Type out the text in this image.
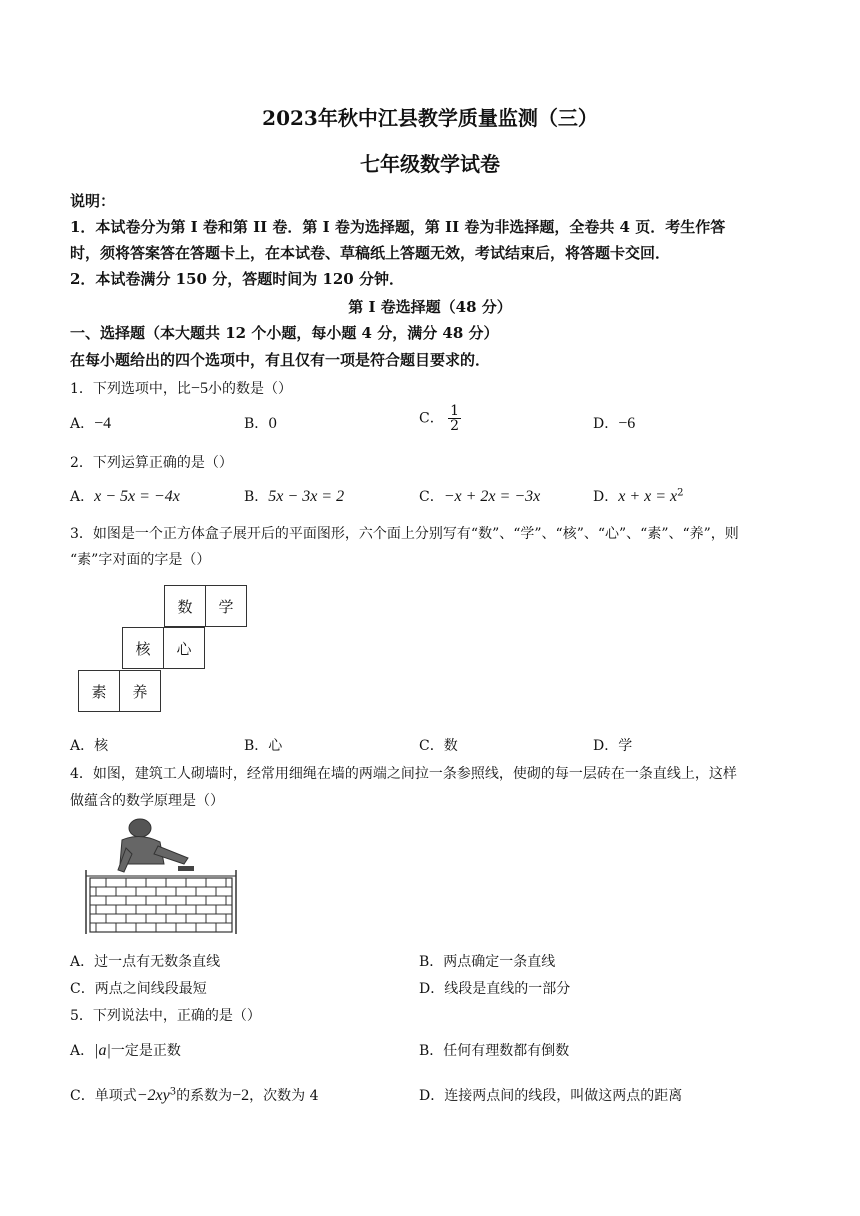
2023年秋中江县教学质量监测（三）
七年级数学试卷
说明：
1．本试卷分为第 I 卷和第 II 卷．第 I 卷为选择题，第 II 卷为非选择题，全卷共 4 页．考生作答
时，须将答案答在答题卡上，在本试卷、草稿纸上答题无效，考试结束后，将答题卡交回．
2．本试卷满分 150 分，答题时间为 120 分钟．
第 I 卷选择题（48 分）
一、选择题（本大题共 12 个小题，每小题 4 分，满分 48 分）
在每小题给出的四个选项中，有且仅有一项是符合题目要求的．
1．下列选项中，比−5小的数是（）
A．−4	B．0	C． $\frac{1}{2}$	D．−6
2．下列运算正确的是（）
A．x − 5x = −4x	B．5x − 3x = 2	C．−x + 2x = −3x	D．$x + x = x^2$
3．如图是一个正方体盒子展开后的平面图形，六个面上分别写有“数”、“学”、“核”、“心”、“素”、“养”，则
“素”字对面的字是（）
数	学
核	心
素	养
A．核	B．心	C．数	D．学
4．如图，建筑工人砌墙时，经常用细绳在墙的两端之间拉一条参照线，使砌的每一层砖在一条直线上，这样
做蕴含的数学原理是（）
A．过一点有无数条直线	B．两点确定一条直线
C．两点之间线段最短	D．线段是直线的一部分
5．下列说法中，正确的是（）
A．|a|一定是正数	B．任何有理数都有倒数
C．单项式$-2xy^3$的系数为−2，次数为 4	D．连接两点间的线段，叫做这两点的距离
